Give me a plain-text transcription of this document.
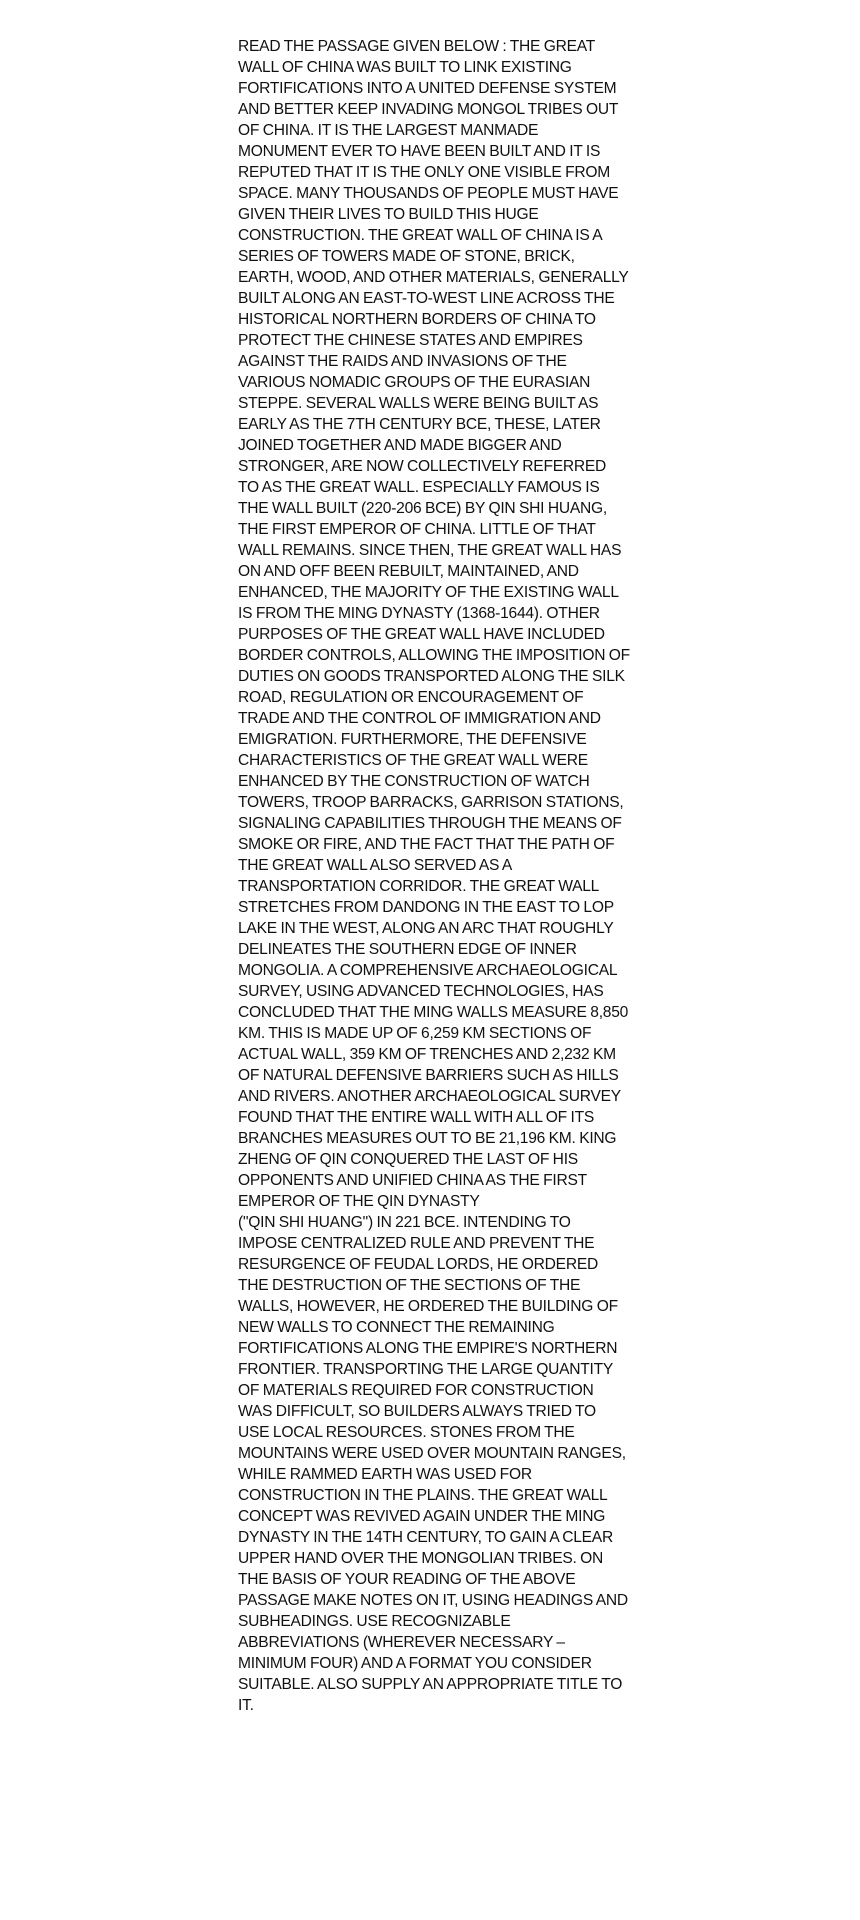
READ THE PASSAGE GIVEN BELOW : THE GREAT WALL OF CHINA WAS BUILT TO LINK EXISTING FORTIFICATIONS INTO A UNITED DEFENSE SYSTEM AND BETTER KEEP INVADING MONGOL TRIBES OUT OF CHINA. IT IS THE LARGEST MANMADE MONUMENT EVER TO HAVE BEEN BUILT AND IT IS REPUTED THAT IT IS THE ONLY ONE VISIBLE FROM SPACE. MANY THOUSANDS OF PEOPLE MUST HAVE GIVEN THEIR LIVES TO BUILD THIS HUGE CONSTRUCTION. THE GREAT WALL OF CHINA IS A SERIES OF TOWERS MADE OF STONE, BRICK, EARTH, WOOD, AND OTHER MATERIALS, GENERALLY BUILT ALONG AN EAST-TO-WEST LINE ACROSS THE HISTORICAL NORTHERN BORDERS OF CHINA TO PROTECT THE CHINESE STATES AND EMPIRES AGAINST THE RAIDS AND INVASIONS OF THE VARIOUS NOMADIC GROUPS OF THE EURASIAN STEPPE. SEVERAL WALLS WERE BEING BUILT AS EARLY AS THE 7TH CENTURY BCE, THESE, LATER JOINED TOGETHER AND MADE BIGGER AND STRONGER, ARE NOW COLLECTIVELY REFERRED TO AS THE GREAT WALL. ESPECIALLY FAMOUS IS THE WALL BUILT (220-206 BCE) BY QIN SHI HUANG, THE FIRST EMPEROR OF CHINA. LITTLE OF THAT WALL REMAINS. SINCE THEN, THE GREAT WALL HAS ON AND OFF BEEN REBUILT, MAINTAINED, AND ENHANCED, THE MAJORITY OF THE EXISTING WALL IS FROM THE MING DYNASTY (1368-1644). OTHER PURPOSES OF THE GREAT WALL HAVE INCLUDED BORDER CONTROLS, ALLOWING THE IMPOSITION OF DUTIES ON GOODS TRANSPORTED ALONG THE SILK ROAD, REGULATION OR ENCOURAGEMENT OF TRADE AND THE CONTROL OF IMMIGRATION AND EMIGRATION. FURTHERMORE, THE DEFENSIVE CHARACTERISTICS OF THE GREAT WALL WERE ENHANCED BY THE CONSTRUCTION OF WATCH TOWERS, TROOP BARRACKS, GARRISON STATIONS, SIGNALING CAPABILITIES THROUGH THE MEANS OF SMOKE OR FIRE, AND THE FACT THAT THE PATH OF THE GREAT WALL ALSO SERVED AS A TRANSPORTATION CORRIDOR. THE GREAT WALL STRETCHES FROM DANDONG IN THE EAST TO LOP LAKE IN THE WEST, ALONG AN ARC THAT ROUGHLY DELINEATES THE SOUTHERN EDGE OF INNER MONGOLIA. A COMPREHENSIVE ARCHAEOLOGICAL SURVEY, USING ADVANCED TECHNOLOGIES, HAS CONCLUDED THAT THE MING WALLS MEASURE 8,850 KM. THIS IS MADE UP OF 6,259 KM SECTIONS OF ACTUAL WALL, 359 KM OF TRENCHES AND 2,232 KM OF NATURAL DEFENSIVE BARRIERS SUCH AS HILLS AND RIVERS. ANOTHER ARCHAEOLOGICAL SURVEY FOUND THAT THE ENTIRE WALL WITH ALL OF ITS BRANCHES MEASURES OUT TO BE 21,196 KM. KING ZHENG OF QIN CONQUERED THE LAST OF HIS OPPONENTS AND UNIFIED CHINA AS THE FIRST EMPEROR OF THE QIN DYNASTY
("QIN SHI HUANG") IN 221 BCE. INTENDING TO IMPOSE CENTRALIZED RULE AND PREVENT THE RESURGENCE OF FEUDAL LORDS, HE ORDERED THE DESTRUCTION OF THE SECTIONS OF THE WALLS, HOWEVER, HE ORDERED THE BUILDING OF NEW WALLS TO CONNECT THE REMAINING FORTIFICATIONS ALONG THE EMPIRE'S NORTHERN FRONTIER. TRANSPORTING THE LARGE QUANTITY OF MATERIALS REQUIRED FOR CONSTRUCTION WAS DIFFICULT, SO BUILDERS ALWAYS TRIED TO USE LOCAL RESOURCES. STONES FROM THE MOUNTAINS WERE USED OVER MOUNTAIN RANGES, WHILE RAMMED EARTH WAS USED FOR CONSTRUCTION IN THE PLAINS. THE GREAT WALL CONCEPT WAS REVIVED AGAIN UNDER THE MING DYNASTY IN THE 14TH CENTURY, TO GAIN A CLEAR UPPER HAND OVER THE MONGOLIAN TRIBES. ON THE BASIS OF YOUR READING OF THE ABOVE PASSAGE MAKE NOTES ON IT, USING HEADINGS AND SUBHEADINGS. USE RECOGNIZABLE ABBREVIATIONS (WHEREVER NECESSARY – MINIMUM FOUR) AND A FORMAT YOU CONSIDER SUITABLE. ALSO SUPPLY AN APPROPRIATE TITLE TO IT.
